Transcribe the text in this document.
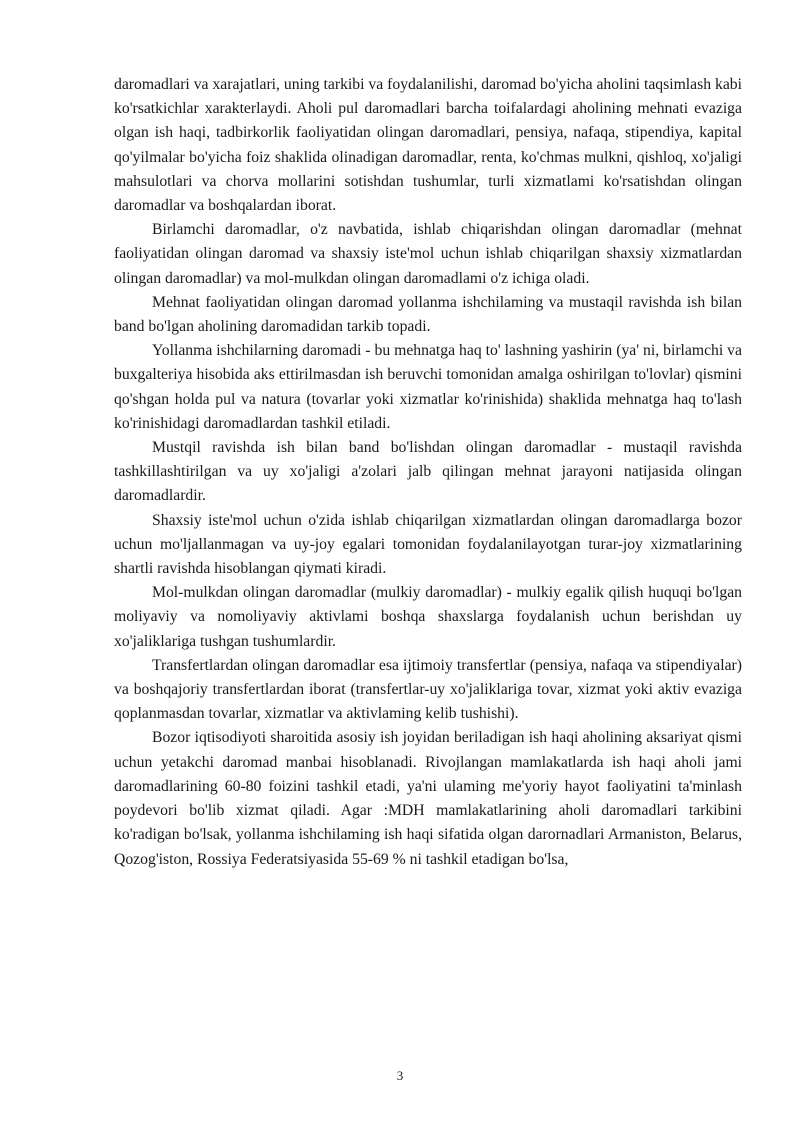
daromadlari va xarajatlari, uning tarkibi va foydalanilishi, daromad bo'yicha aholini taqsimlash kabi ko'rsatkichlar xarakterlaydi. Aholi pul daromadlari barcha toifalardagi aholining mehnati evaziga olgan ish haqi, tadbirkorlik faoliyatidan olingan daromadlari, pensiya, nafaqa, stipendiya, kapital qo'yilmalar bo'yicha foiz shaklida olinadigan daromadlar, renta, ko'chmas mulkni, qishloq, xo'jaligi mahsulotlari va chorva mollarini sotishdan tushumlar, turli xizmatlami ko'rsatishdan olingan daromadlar va boshqalardan iborat.

Birlamchi daromadlar, o'z navbatida, ishlab chiqarishdan olingan daromadlar (mehnat faoliyatidan olingan daromad va shaxsiy iste'mol uchun ishlab chiqarilgan shaxsiy xizmatlardan olingan daromadlar) va mol-mulkdan olingan daromadlami o'z ichiga oladi.

Mehnat faoliyatidan olingan daromad yollanma ishchilaming va mustaqil ravishda ish bilan band bo'lgan aholining daromadidan tarkib topadi.

Yollanma ishchilarning daromadi - bu mehnatga haq to' lashning yashirin (ya' ni, birlamchi va buxgalteriya hisobida aks ettirilmasdan ish beruvchi tomonidan amalga oshirilgan to'lovlar) qismini qo'shgan holda pul va natura (tovarlar yoki xizmatlar ko'rinishida) shaklida mehnatga haq to'lash ko'rinishidagi daromadlardan tashkil etiladi.

Mustqil ravishda ish bilan band bo'lishdan olingan daromadlar - mustaqil ravishda tashkillashtirilgan va uy xo'jaligi a'zolari jalb qilingan mehnat jarayoni natijasida olingan daromadlardir.

Shaxsiy iste'mol uchun o'zida ishlab chiqarilgan xizmatlardan olingan daromadlarga bozor uchun mo'ljallanmagan va uy-joy egalari tomonidan foydalanilayotgan turar-joy xizmatlarining shartli ravishda hisoblangan qiymati kiradi.

Mol-mulkdan olingan daromadlar (mulkiy daromadlar) - mulkiy egalik qilish huquqi bo'lgan moliyaviy va nomoliyaviy aktivlami boshqa shaxslarga foydalanish uchun berishdan uy xo'jaliklariga tushgan tushumlardir.

Transfertlardan olingan daromadlar esa ijtimoiy transfertlar (pensiya, nafaqa va stipendiyalar) va boshqajoriy transfertlardan iborat (transfertlar-uy xo'jaliklariga tovar, xizmat yoki aktiv evaziga qoplanmasdan tovarlar, xizmatlar va aktivlaming kelib tushishi).

Bozor iqtisodiyoti sharoitida asosiy ish joyidan beriladigan ish haqi aholining aksariyat qismi uchun yetakchi daromad manbai hisoblanadi. Rivojlangan mamlakatlarda ish haqi aholi jami daromadlarining 60-80 foizini tashkil etadi, ya'ni ulaming me'yoriy hayot faoliyatini ta'minlash poydevori bo'lib xizmat qiladi. Agar :MDH mamlakatlarining aholi daromadlari tarkibini ko'radigan bo'lsak, yollanma ishchilaming ish haqi sifatida olgan darornadlari Armaniston, Belarus, Qozog'iston, Rossiya Federatsiyasida 55-69 % ni tashkil etadigan bo'lsa,

3
